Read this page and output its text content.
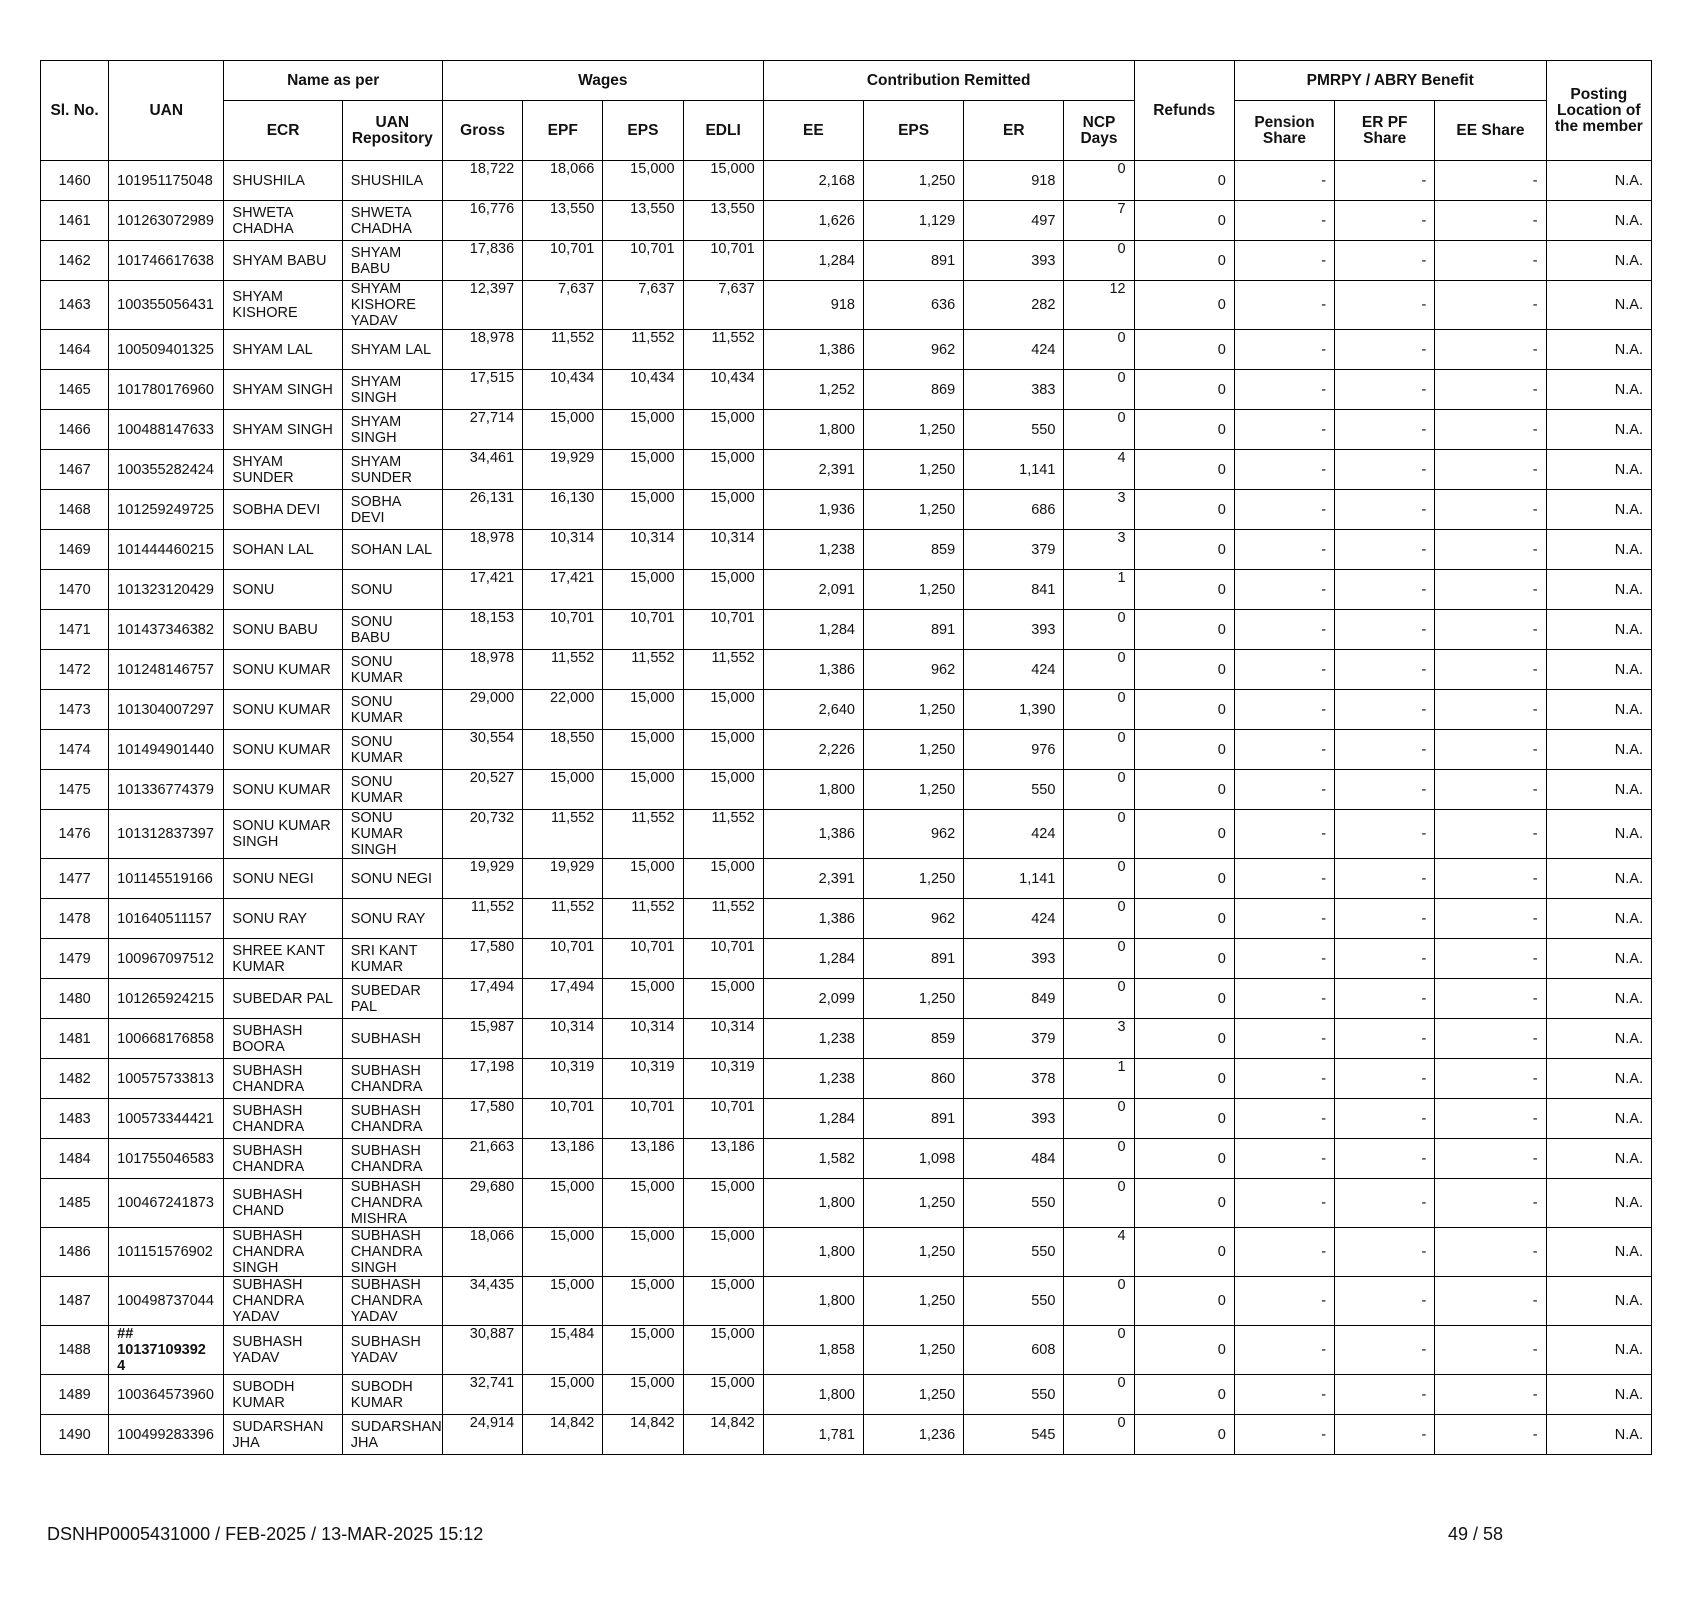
Sl. No.	UAN	Name as per		Wages				Contribution Remitted				Refunds	PMRPY / ABRY Benefit			Posting Location of the member
		ECR	UAN Repository	Gross	EPF	EPS	EDLI	EE	EPS	ER	NCP Days		Pension Share	ER PF Share	EE Share	
1460	101951175048	SHUSHILA	SHUSHILA	18,722	18,066	15,000	15,000	2,168	1,250	918	0	0	-	-	-	N.A.
1461	101263072989	SHWETA CHADHA	SHWETA CHADHA	16,776	13,550	13,550	13,550	1,626	1,129	497	7	0	-	-	-	N.A.
1462	101746617638	SHYAM BABU	SHYAM BABU	17,836	10,701	10,701	10,701	1,284	891	393	0	0	-	-	-	N.A.
1463	100355056431	SHYAM KISHORE	SHYAM KISHORE YADAV	12,397	7,637	7,637	7,637	918	636	282	12	0	-	-	-	N.A.
1464	100509401325	SHYAM LAL	SHYAM LAL	18,978	11,552	11,552	11,552	1,386	962	424	0	0	-	-	-	N.A.
1465	101780176960	SHYAM SINGH	SHYAM SINGH	17,515	10,434	10,434	10,434	1,252	869	383	0	0	-	-	-	N.A.
1466	100488147633	SHYAM SINGH	SHYAM SINGH	27,714	15,000	15,000	15,000	1,800	1,250	550	0	0	-	-	-	N.A.
1467	100355282424	SHYAM SUNDER	SHYAM SUNDER	34,461	19,929	15,000	15,000	2,391	1,250	1,141	4	0	-	-	-	N.A.
1468	101259249725	SOBHA DEVI	SOBHA DEVI	26,131	16,130	15,000	15,000	1,936	1,250	686	3	0	-	-	-	N.A.
1469	101444460215	SOHAN LAL	SOHAN LAL	18,978	10,314	10,314	10,314	1,238	859	379	3	0	-	-	-	N.A.
1470	101323120429	SONU	SONU	17,421	17,421	15,000	15,000	2,091	1,250	841	1	0	-	-	-	N.A.
1471	101437346382	SONU BABU	SONU BABU	18,153	10,701	10,701	10,701	1,284	891	393	0	0	-	-	-	N.A.
1472	101248146757	SONU KUMAR	SONU KUMAR	18,978	11,552	11,552	11,552	1,386	962	424	0	0	-	-	-	N.A.
1473	101304007297	SONU KUMAR	SONU KUMAR	29,000	22,000	15,000	15,000	2,640	1,250	1,390	0	0	-	-	-	N.A.
1474	101494901440	SONU KUMAR	SONU KUMAR	30,554	18,550	15,000	15,000	2,226	1,250	976	0	0	-	-	-	N.A.
1475	101336774379	SONU KUMAR	SONU KUMAR	20,527	15,000	15,000	15,000	1,800	1,250	550	0	0	-	-	-	N.A.
1476	101312837397	SONU KUMAR SINGH	SONU KUMAR SINGH	20,732	11,552	11,552	11,552	1,386	962	424	0	0	-	-	-	N.A.
1477	101145519166	SONU NEGI	SONU NEGI	19,929	19,929	15,000	15,000	2,391	1,250	1,141	0	0	-	-	-	N.A.
1478	101640511157	SONU RAY	SONU RAY	11,552	11,552	11,552	11,552	1,386	962	424	0	0	-	-	-	N.A.
1479	100967097512	SHREE KANT KUMAR	SRI KANT KUMAR	17,580	10,701	10,701	10,701	1,284	891	393	0	0	-	-	-	N.A.
1480	101265924215	SUBEDAR PAL	SUBEDAR PAL	17,494	17,494	15,000	15,000	2,099	1,250	849	0	0	-	-	-	N.A.
1481	100668176858	SUBHASH BOORA	SUBHASH	15,987	10,314	10,314	10,314	1,238	859	379	3	0	-	-	-	N.A.
1482	100575733813	SUBHASH CHANDRA	SUBHASH CHANDRA	17,198	10,319	10,319	10,319	1,238	860	378	1	0	-	-	-	N.A.
1483	100573344421	SUBHASH CHANDRA	SUBHASH CHANDRA	17,580	10,701	10,701	10,701	1,284	891	393	0	0	-	-	-	N.A.
1484	101755046583	SUBHASH CHANDRA	SUBHASH CHANDRA	21,663	13,186	13,186	13,186	1,582	1,098	484	0	0	-	-	-	N.A.
1485	100467241873	SUBHASH CHAND	SUBHASH CHANDRA MISHRA	29,680	15,000	15,000	15,000	1,800	1,250	550	0	0	-	-	-	N.A.
1486	101151576902	SUBHASH CHANDRA SINGH	SUBHASH CHANDRA SINGH	18,066	15,000	15,000	15,000	1,800	1,250	550	4	0	-	-	-	N.A.
1487	100498737044	SUBHASH CHANDRA YADAV	SUBHASH CHANDRA YADAV	34,435	15,000	15,000	15,000	1,800	1,250	550	0	0	-	-	-	N.A.
1488	## 10137109392 4	SUBHASH YADAV	SUBHASH YADAV	30,887	15,484	15,000	15,000	1,858	1,250	608	0	0	-	-	-	N.A.
1489	100364573960	SUBODH KUMAR	SUBODH KUMAR	32,741	15,000	15,000	15,000	1,800	1,250	550	0	0	-	-	-	N.A.
1490	100499283396	SUDARSHAN JHA	SUDARSHAN JHA	24,914	14,842	14,842	14,842	1,781	1,236	545	0	0	-	-	-	N.A.
DSNHP0005431000 / FEB-2025 / 13-MAR-2025 15:12	49 / 58
